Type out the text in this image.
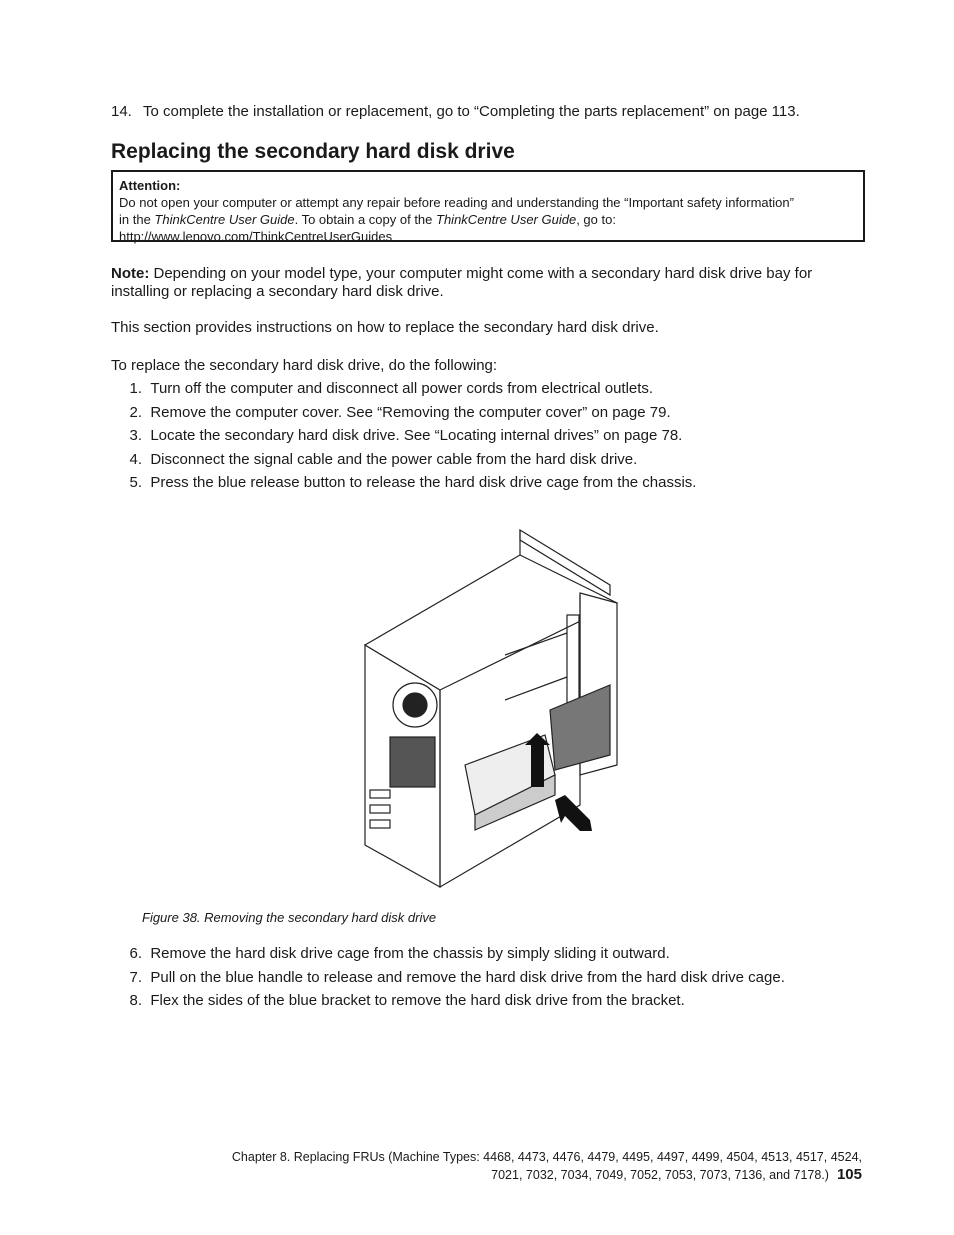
14. To complete the installation or replacement, go to “Completing the parts replacement” on page 113.
Replacing the secondary hard disk drive
Attention:
Do not open your computer or attempt any repair before reading and understanding the “Important safety information”
in the ThinkCentre User Guide. To obtain a copy of the ThinkCentre User Guide, go to:
http://www.lenovo.com/ThinkCentreUserGuides
Note: Depending on your model type, your computer might come with a secondary hard disk drive bay for installing or replacing a secondary hard disk drive.
This section provides instructions on how to replace the secondary hard disk drive.
To replace the secondary hard disk drive, do the following:
1.
Turn off the computer and disconnect all power cords from electrical outlets.
2.
Remove the computer cover. See “Removing the computer cover” on page 79.
3.
Locate the secondary hard disk drive. See “Locating internal drives” on page 78.
4.
Disconnect the signal cable and the power cable from the hard disk drive.
5.
Press the blue release button to release the hard disk drive cage from the chassis.
Figure 38. Removing the secondary hard disk drive
6.
Remove the hard disk drive cage from the chassis by simply sliding it outward.
7.
Pull on the blue handle to release and remove the hard disk drive from the hard disk drive cage.
8.
Flex the sides of the blue bracket to remove the hard disk drive from the bracket.
Chapter 8. Replacing FRUs (Machine Types: 4468, 4473, 4476, 4479, 4495, 4497, 4499, 4504, 4513, 4517, 4524,
7021, 7032, 7034, 7049, 7052, 7053, 7073, 7136, and 7178.) 105
